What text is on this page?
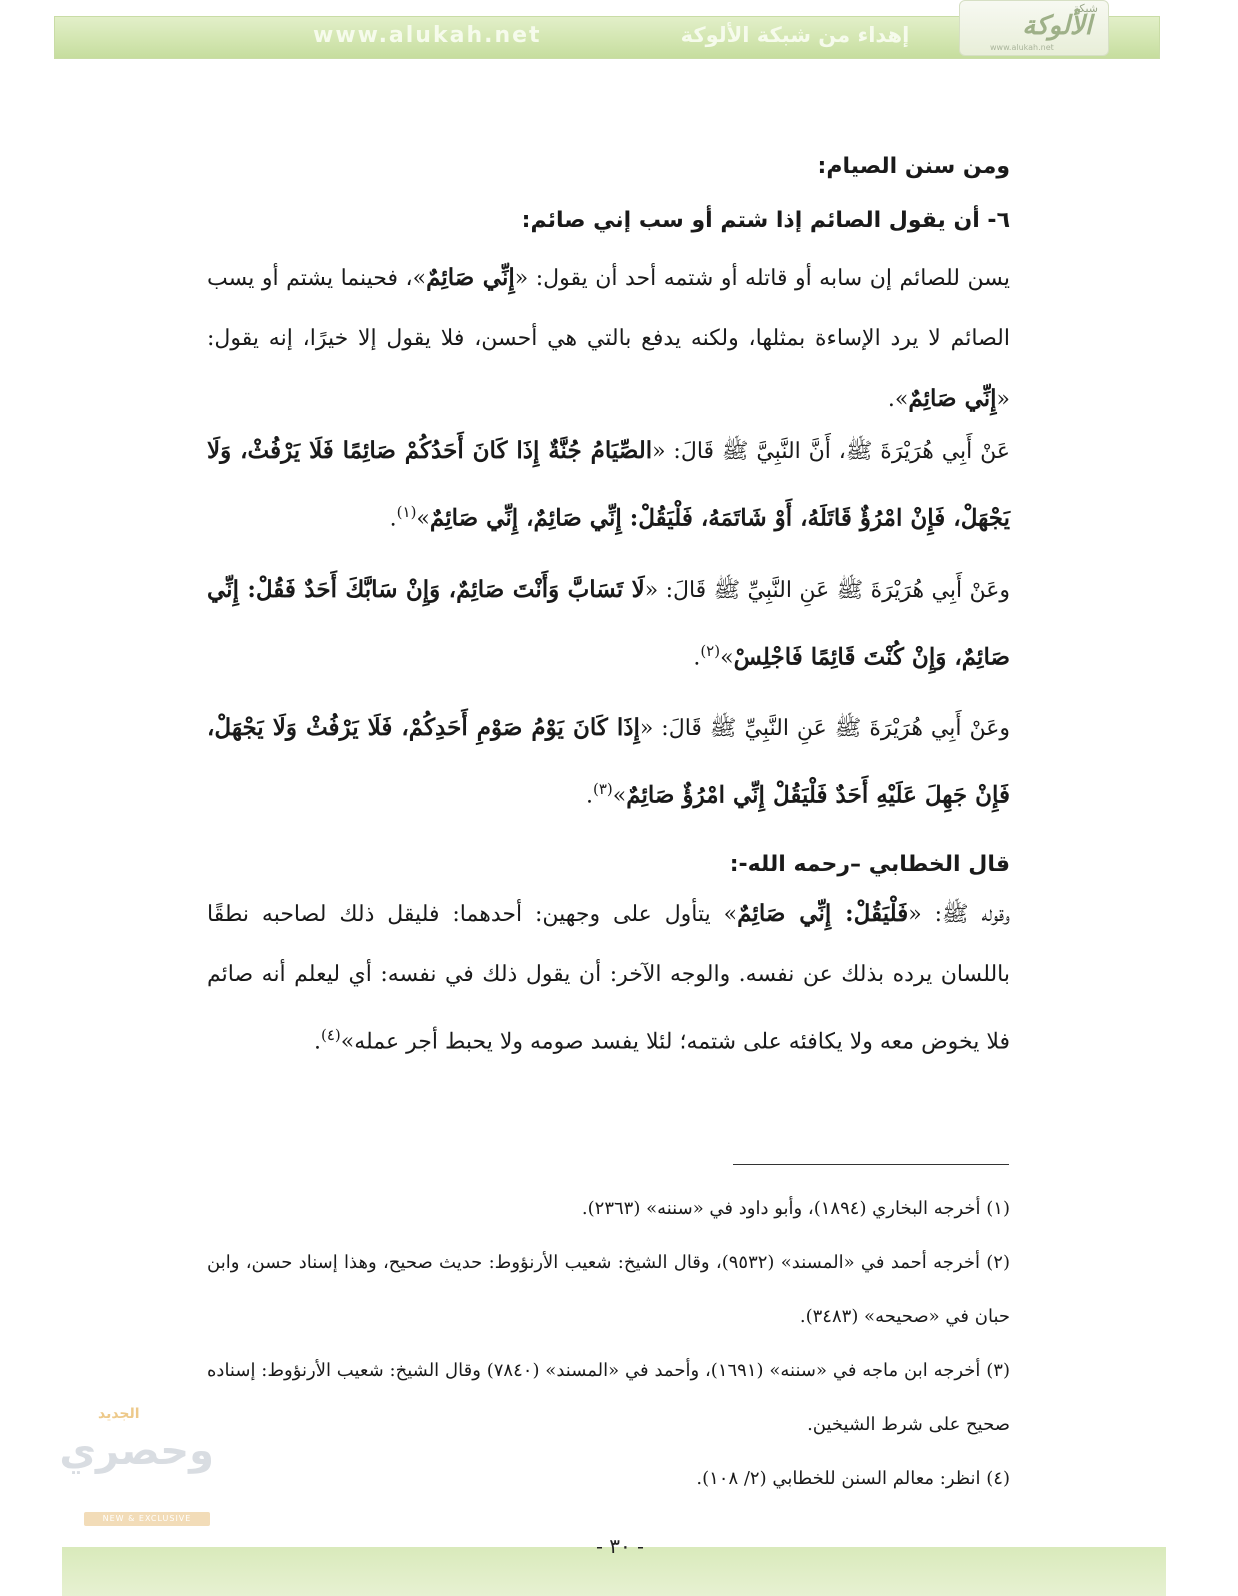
www.alukah.net	إهداء من شبكة الألوكة
شبكة
الألوكة
www.alukah.net
ومن سنن الصيام:
٦- أن يقول الصائم إذا شتم أو سب إني صائم:
يسن للصائم إن سابه أو قاتله أو شتمه أحد أن يقول: «إِنِّي صَائِمٌ»، فحينما يشتم أو يسب الصائم لا يرد الإساءة بمثلها، ولكنه يدفع بالتي هي أحسن، فلا يقول إلا خيرًا، إنه يقول: «إِنِّي صَائِمٌ».
عَنْ أَبِي هُرَيْرَةَ ﷺ، أَنَّ النَّبِيَّ ﷺ قَالَ: «الصِّيَامُ جُنَّةٌ إِذَا كَانَ أَحَدُكُمْ صَائِمًا فَلَا يَرْفُثْ، وَلَا يَجْهَلْ، فَإِنْ امْرُؤٌ قَاتَلَهُ، أَوْ شَاتَمَهُ، فَلْيَقُلْ: إِنِّي صَائِمٌ، إِنِّي صَائِمٌ»$^{(١)}$.
وعَنْ أَبِي هُرَيْرَةَ ﷺ عَنِ النَّبِيِّ ﷺ قَالَ: «لَا تَسَابَّ وَأَنْتَ صَائِمٌ، وَإِنْ سَابَّكَ أَحَدٌ فَقُلْ: إِنِّي صَائِمٌ، وَإِنْ كُنْتَ قَائِمًا فَاجْلِسْ»$^{(٢)}$.
وعَنْ أَبِي هُرَيْرَةَ ﷺ عَنِ النَّبِيِّ ﷺ قَالَ: «إِذَا كَانَ يَوْمُ صَوْمِ أَحَدِكُمْ، فَلَا يَرْفُثْ وَلَا يَجْهَلْ، فَإِنْ جَهِلَ عَلَيْهِ أَحَدٌ فَلْيَقُلْ إِنِّي امْرُؤٌ صَائِمٌ»$^{(٣)}$.
قال الخطابي –رحمه الله-:
وقوله ﷺ: «فَلْيَقُلْ: إِنِّي صَائِمٌ» يتأول على وجهين: أحدهما: فليقل ذلك لصاحبه نطقًا باللسان يرده بذلك عن نفسه. والوجه الآخر: أن يقول ذلك في نفسه: أي ليعلم أنه صائم فلا يخوض معه ولا يكافئه على شتمه؛ لئلا يفسد صومه ولا يحبط أجر عمله»$^{(٤)}$.

(١) أخرجه البخاري (١٨٩٤)، وأبو داود في «سننه» (٢٣٦٣).

(٢) أخرجه أحمد في «المسند» (٩٥٣٢)، وقال الشيخ: شعيب الأرنؤوط: حديث صحيح، وهذا إسناد حسن، وابن حبان في «صحيحه» (٣٤٨٣).

(٣) أخرجه ابن ماجه في «سننه» (١٦٩١)، وأحمد في «المسند» (٧٨٤٠) وقال الشيخ: شعيب الأرنؤوط: إسناده صحيح على شرط الشيخين.

(٤) انظر: معالم السنن للخطابي (٢/ ١٠٨).

الجديد
وحصري
NEW & EXCLUSIVE
- ٣٠ -
